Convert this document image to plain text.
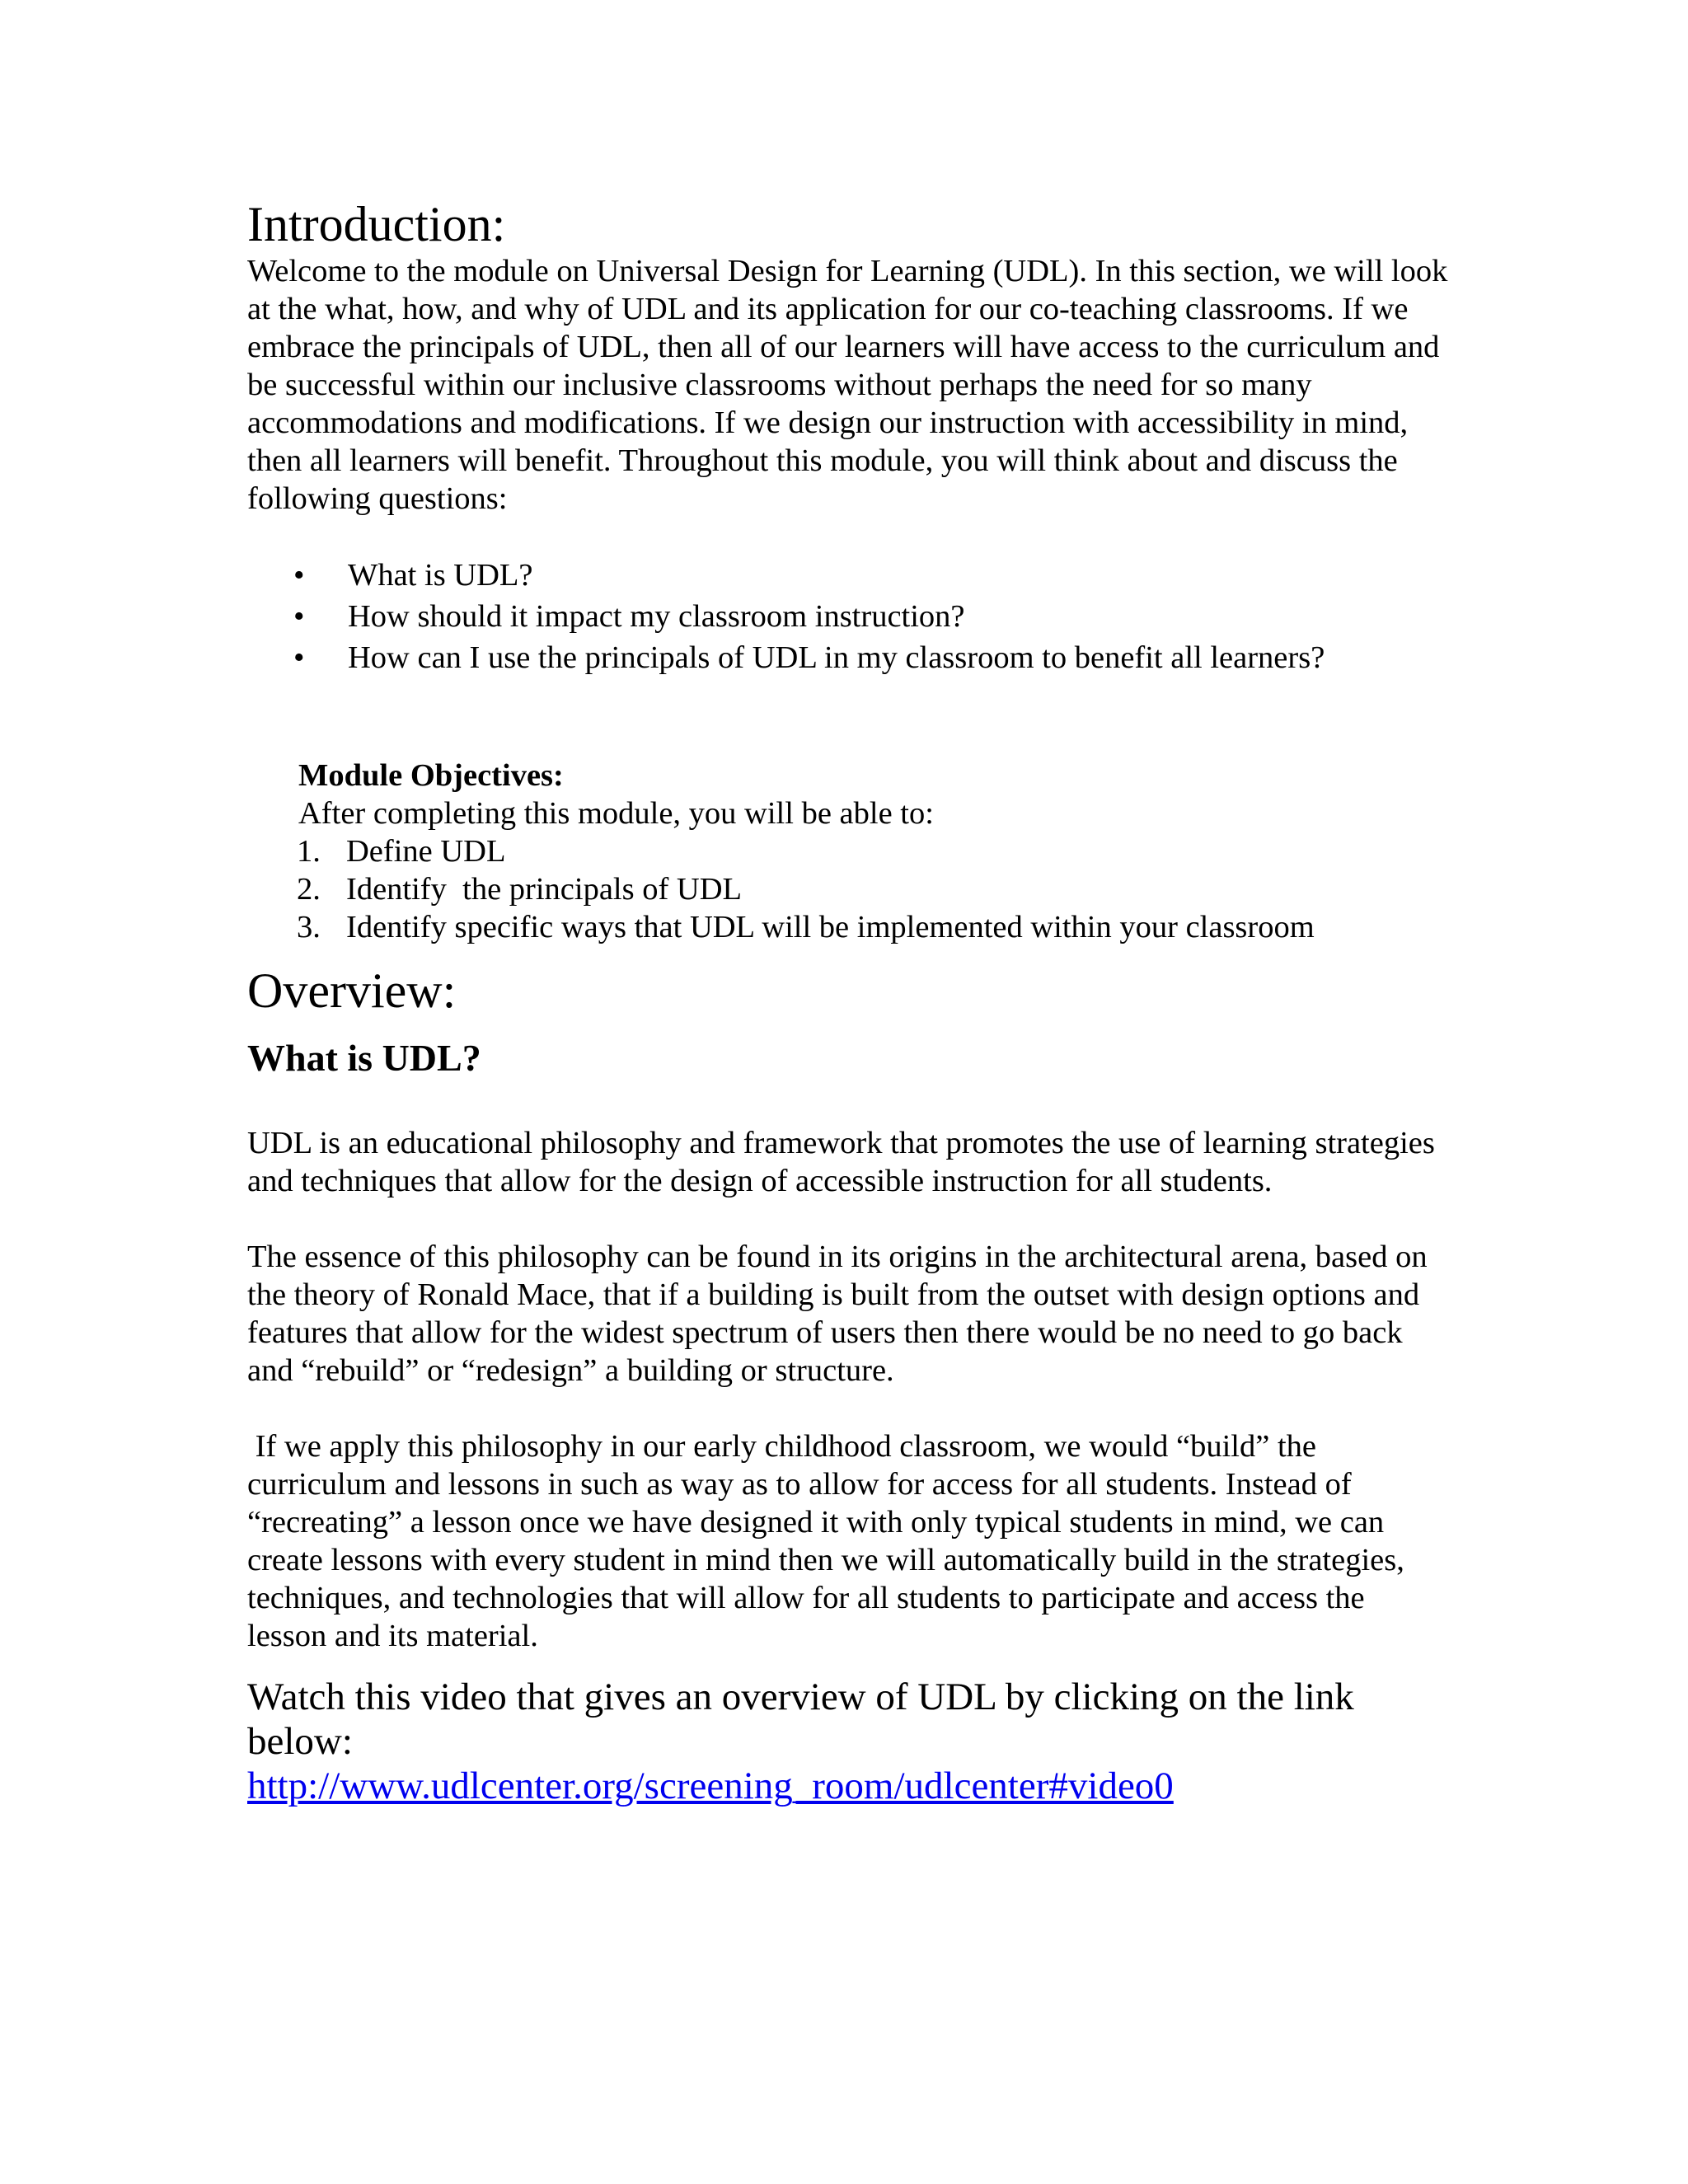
Introduction:

Welcome to the module on Universal Design for Learning (UDL). In this section, we will look at the what, how, and why of UDL and its application for our co-teaching classrooms. If we embrace the principals of UDL, then all of our learners will have access to the curriculum and be successful within our inclusive classrooms without perhaps the need for so many accommodations and modifications. If we design our instruction with accessibility in mind, then all learners will benefit. Throughout this module, you will think about and discuss the following questions:

• What is UDL?
• How should it impact my classroom instruction?
• How can I use the principals of UDL in my classroom to benefit all learners?

Module Objectives:

After completing this module, you will be able to:

1. Define UDL
2. Identify  the principals of UDL
3. Identify specific ways that UDL will be implemented within your classroom
Overview:
What is UDL?

UDL is an educational philosophy and framework that promotes the use of learning strategies and techniques that allow for the design of accessible instruction for all students.

The essence of this philosophy can be found in its origins in the architectural arena, based on the theory of Ronald Mace, that if a building is built from the outset with design options and features that allow for the widest spectrum of users then there would be no need to go back and “rebuild” or “redesign” a building or structure.

If we apply this philosophy in our early childhood classroom, we would “build” the curriculum and lessons in such as way as to allow for access for all students. Instead of “recreating” a lesson once we have designed it with only typical students in mind, we can create lessons with every student in mind then we will automatically build in the strategies, techniques, and technologies that will allow for all students to participate and access the lesson and its material.

Watch this video that gives an overview of UDL by clicking on the link below:

http://www.udlcenter.org/screening_room/udlcenter#video0
